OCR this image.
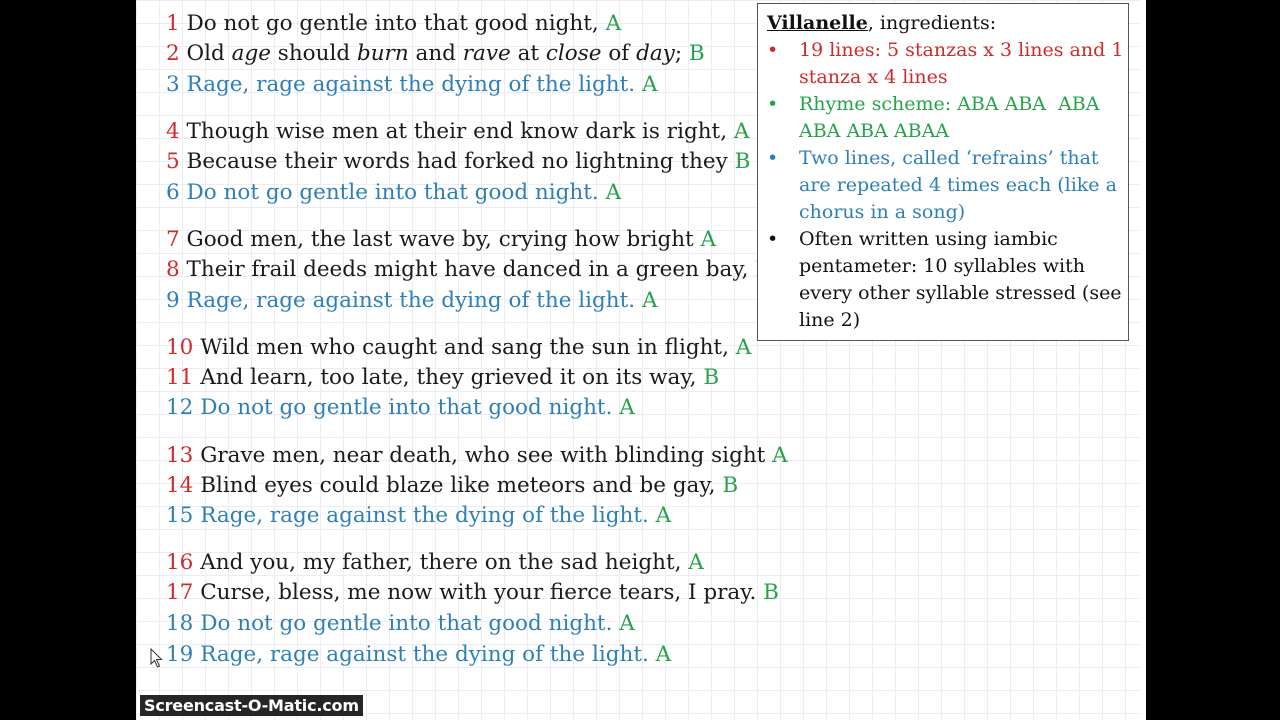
1 Do not go gentle into that good night, A
2 Old age should burn and rave at close of day; B
3 Rage, rage against the dying of the light. A
4 Though wise men at their end know dark is right, A
5 Because their words had forked no lightning they B
6 Do not go gentle into that good night. A
7 Good men, the last wave by, crying how bright A
8 Their frail deeds might have danced in a green bay,
9 Rage, rage against the dying of the light. A
10 Wild men who caught and sang the sun in flight, A
11 And learn, too late, they grieved it on its way, B
12 Do not go gentle into that good night. A
13 Grave men, near death, who see with blinding sight A
14 Blind eyes could blaze like meteors and be gay, B
15 Rage, rage against the dying of the light. A
16 And you, my father, there on the sad height, A
17 Curse, bless, me now with your fierce tears, I pray. B
18 Do not go gentle into that good night. A
19 Rage, rage against the dying of the light. A
Villanelle, ingredients:
• 19 lines: 5 stanzas x 3 lines and 1
stanza x 4 lines
• Rhyme scheme: ABA ABA  ABA
ABA ABA ABAA
• Two lines, called ‘refrains’ that
are repeated 4 times each (like a
chorus in a song)
• Often written using iambic
pentameter: 10 syllables with
every other syllable stressed (see
line 2)
Screencast-O-Matic.com
